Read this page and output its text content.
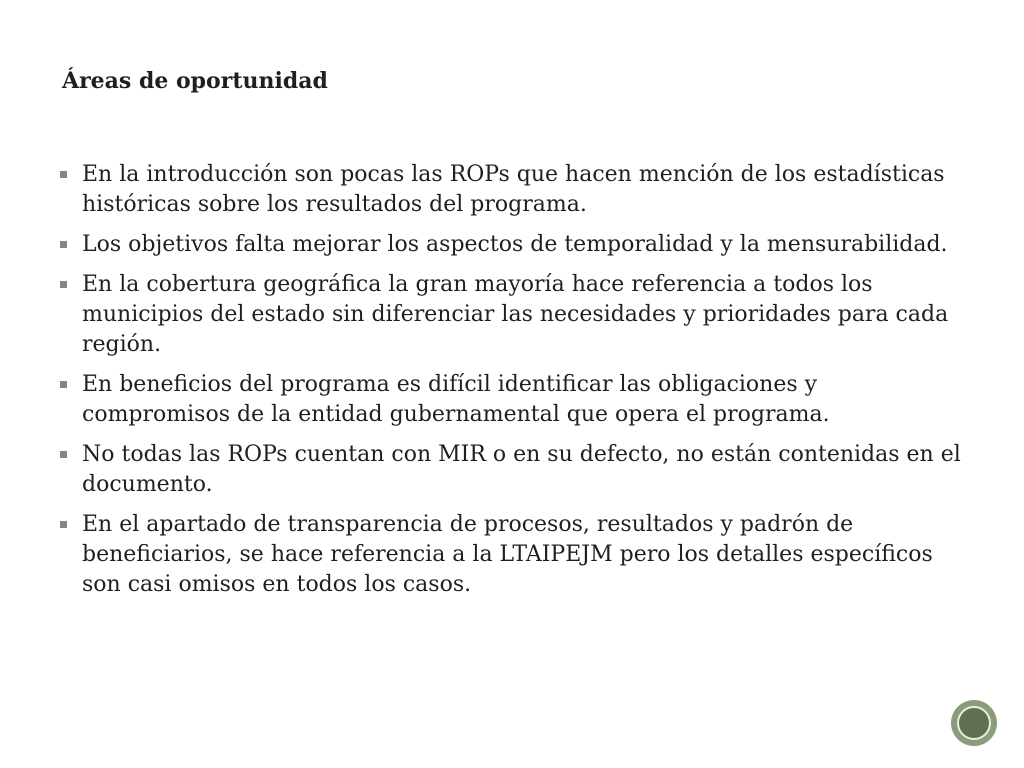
Áreas de oportunidad
En la introducción son pocas las ROPs que hacen mención de los estadísticas históricas sobre los resultados del programa.
Los objetivos falta mejorar los aspectos de temporalidad y la mensurabilidad.
En la cobertura geográfica la gran mayoría hace referencia a todos los municipios del estado sin diferenciar las necesidades y prioridades para cada región.
En beneficios del programa es difícil identificar las obligaciones y compromisos de la entidad gubernamental que opera el programa.
No todas las ROPs cuentan con MIR o en su defecto, no están contenidas en el documento.
En el apartado de transparencia de procesos, resultados y padrón de beneficiarios, se hace referencia a la LTAIPEJM pero los detalles específicos son casi omisos en todos los casos.
